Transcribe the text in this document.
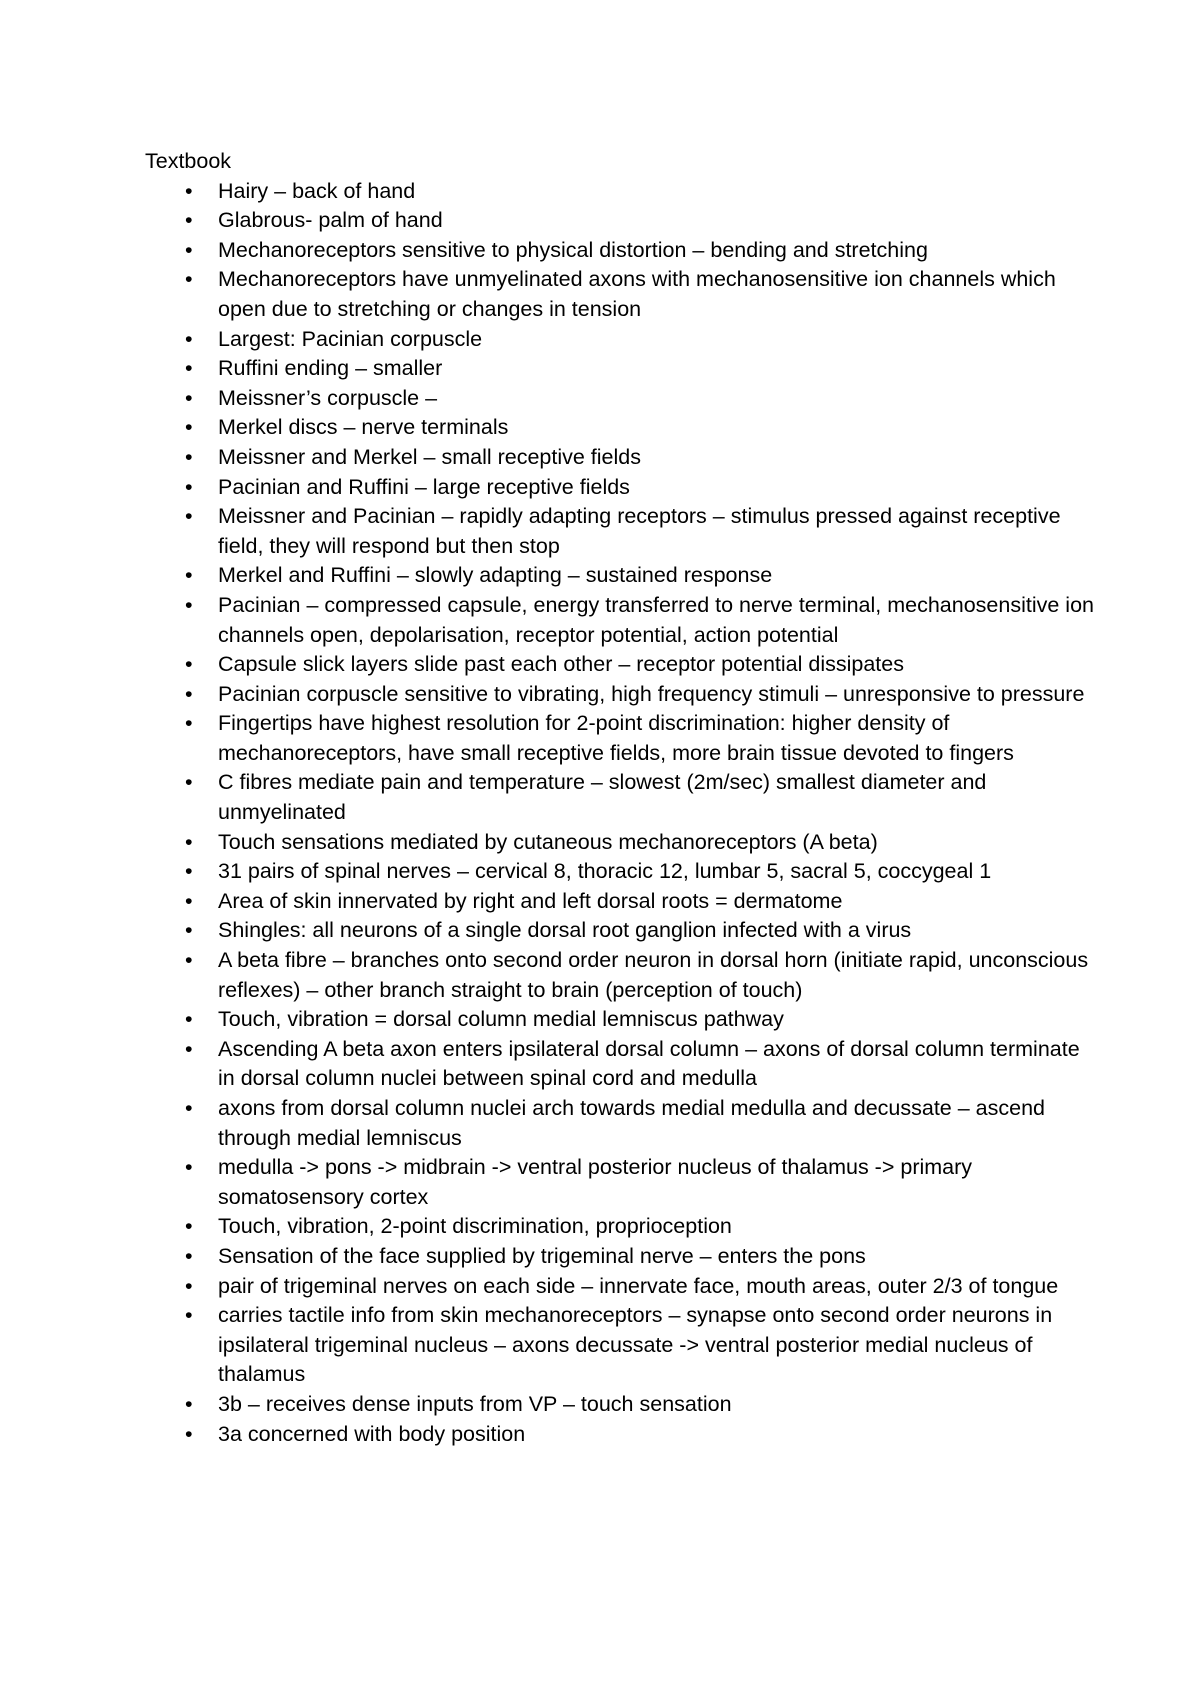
Textbook

• Hairy – back of hand
• Glabrous- palm of hand
• Mechanoreceptors sensitive to physical distortion – bending and stretching
• Mechanoreceptors have unmyelinated axons with mechanosensitive ion channels which open due to stretching or changes in tension
• Largest: Pacinian corpuscle
• Ruffini ending – smaller
• Meissner’s corpuscle –
• Merkel discs – nerve terminals
• Meissner and Merkel – small receptive fields
• Pacinian and Ruffini – large receptive fields
• Meissner and Pacinian – rapidly adapting receptors – stimulus pressed against receptive field, they will respond but then stop
• Merkel and Ruffini – slowly adapting – sustained response
• Pacinian – compressed capsule, energy transferred to nerve terminal, mechanosensitive ion channels open, depolarisation, receptor potential, action potential
• Capsule slick layers slide past each other – receptor potential dissipates
• Pacinian corpuscle sensitive to vibrating, high frequency stimuli – unresponsive to pressure
• Fingertips have highest resolution for 2-point discrimination: higher density of mechanoreceptors, have small receptive fields, more brain tissue devoted to fingers
• C fibres mediate pain and temperature – slowest (2m/sec) smallest diameter and unmyelinated
• Touch sensations mediated by cutaneous mechanoreceptors (A beta)
• 31 pairs of spinal nerves – cervical 8, thoracic 12, lumbar 5, sacral 5, coccygeal 1
• Area of skin innervated by right and left dorsal roots = dermatome
• Shingles: all neurons of a single dorsal root ganglion infected with a virus
• A beta fibre – branches onto second order neuron in dorsal horn (initiate rapid, unconscious reflexes) – other branch straight to brain (perception of touch)
• Touch, vibration = dorsal column medial lemniscus pathway
• Ascending A beta axon enters ipsilateral dorsal column – axons of dorsal column terminate in dorsal column nuclei between spinal cord and medulla
• axons from dorsal column nuclei arch towards medial medulla and decussate – ascend through medial lemniscus
• medulla -> pons -> midbrain -> ventral posterior nucleus of thalamus -> primary somatosensory cortex
• Touch, vibration, 2-point discrimination, proprioception
• Sensation of the face supplied by trigeminal nerve – enters the pons
• pair of trigeminal nerves on each side – innervate face, mouth areas, outer 2/3 of tongue
• carries tactile info from skin mechanoreceptors – synapse onto second order neurons in ipsilateral trigeminal nucleus – axons decussate -> ventral posterior medial nucleus of thalamus
• 3b – receives dense inputs from VP – touch sensation
• 3a concerned with body position
